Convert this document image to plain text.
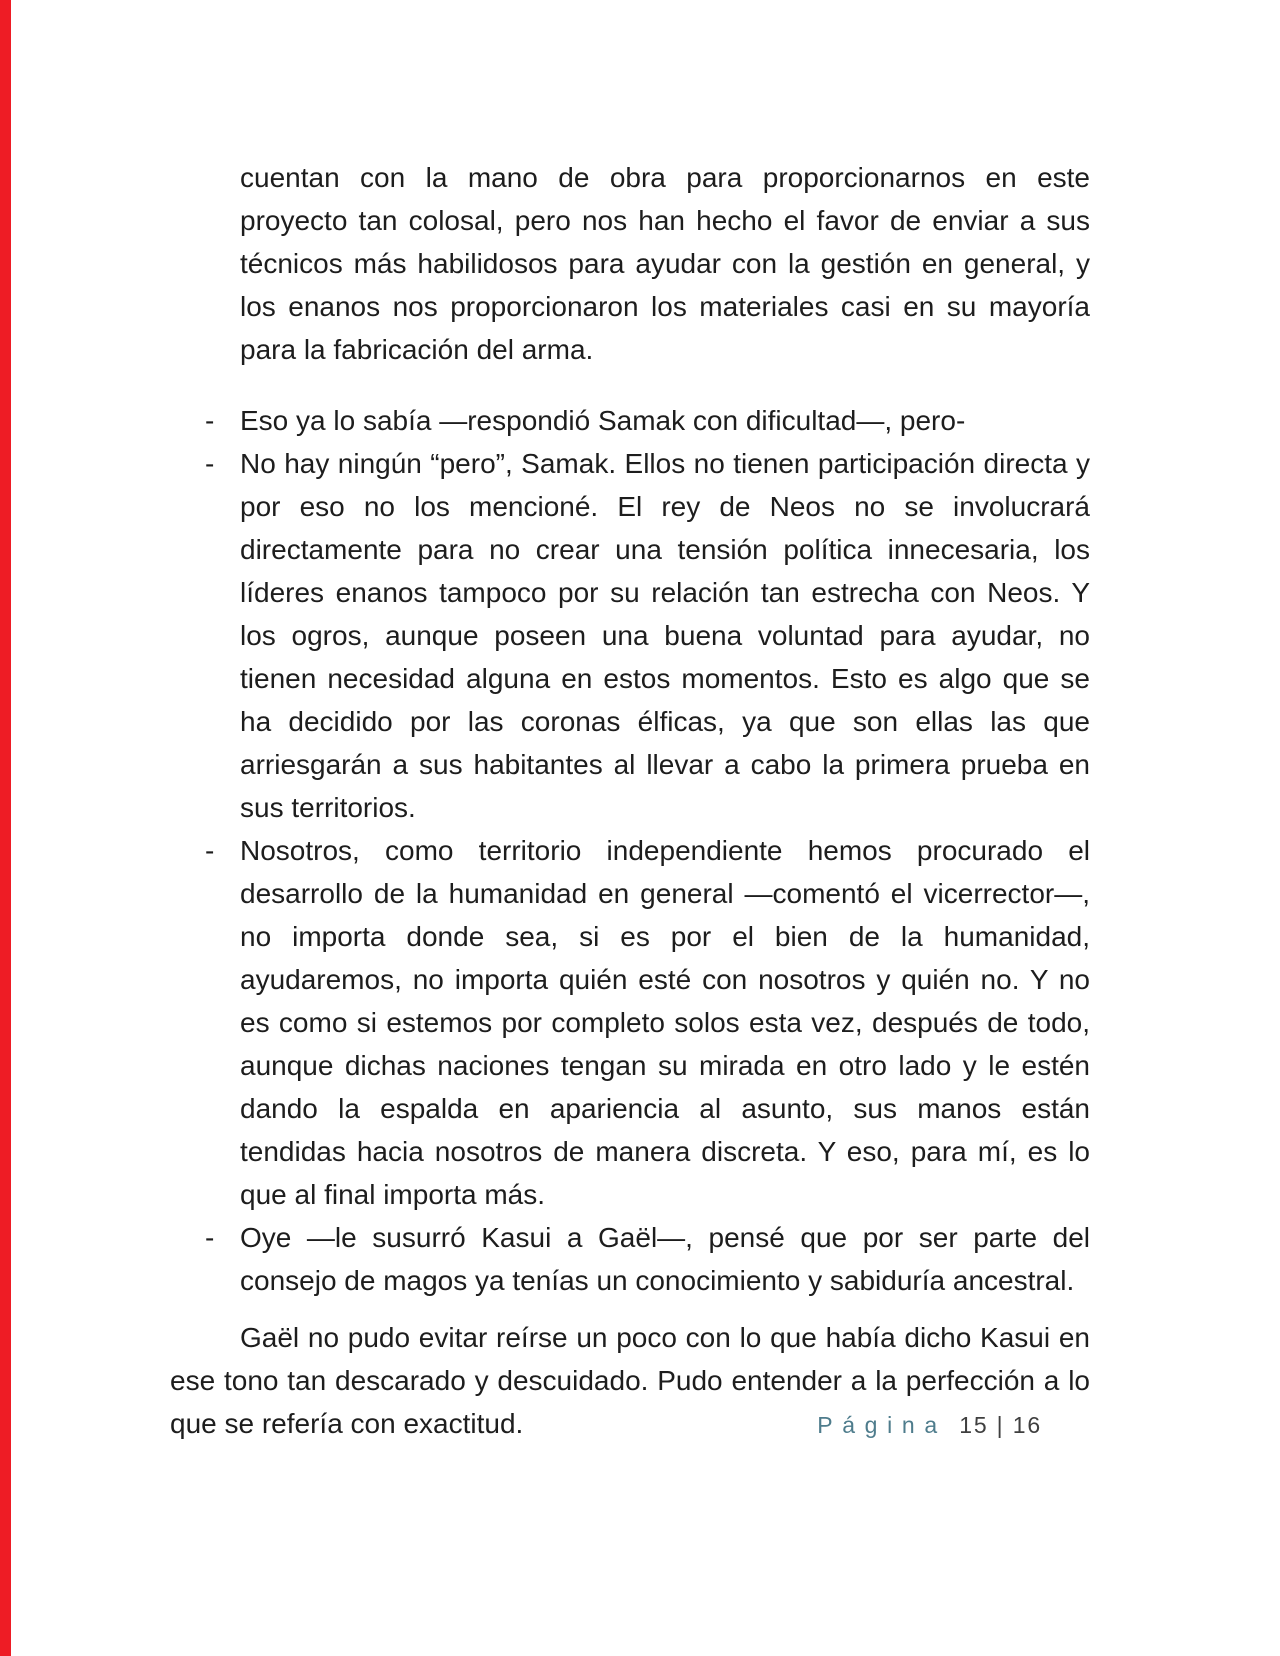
cuentan con la mano de obra para proporcionarnos en este proyecto tan colosal, pero nos han hecho el favor de enviar a sus técnicos más habilidosos para ayudar con la gestión en general, y los enanos nos proporcionaron los materiales casi en su mayoría para la fabricación del arma.

- Eso ya lo sabía —respondió Samak con dificultad—, pero-
- No hay ningún “pero”, Samak. Ellos no tienen participación directa y por eso no los mencioné. El rey de Neos no se involucrará directamente para no crear una tensión política innecesaria, los líderes enanos tampoco por su relación tan estrecha con Neos. Y los ogros, aunque poseen una buena voluntad para ayudar, no tienen necesidad alguna en estos momentos. Esto es algo que se ha decidido por las coronas élficas, ya que son ellas las que arriesgarán a sus habitantes al llevar a cabo la primera prueba en sus territorios.
- Nosotros, como territorio independiente hemos procurado el desarrollo de la humanidad en general —comentó el vicerrector—, no importa donde sea, si es por el bien de la humanidad, ayudaremos, no importa quién esté con nosotros y quién no. Y no es como si estemos por completo solos esta vez, después de todo, aunque dichas naciones tengan su mirada en otro lado y le estén dando la espalda en apariencia al asunto, sus manos están tendidas hacia nosotros de manera discreta. Y eso, para mí, es lo que al final importa más.
- Oye —le susurró Kasui a Gaël—, pensé que por ser parte del consejo de magos ya tenías un conocimiento y sabiduría ancestral.

Gaël no pudo evitar reírse un poco con lo que había dicho Kasui en ese tono tan descarado y descuidado. Pudo entender a la perfección a lo que se refería con exactitud.	Página 15 | 16
